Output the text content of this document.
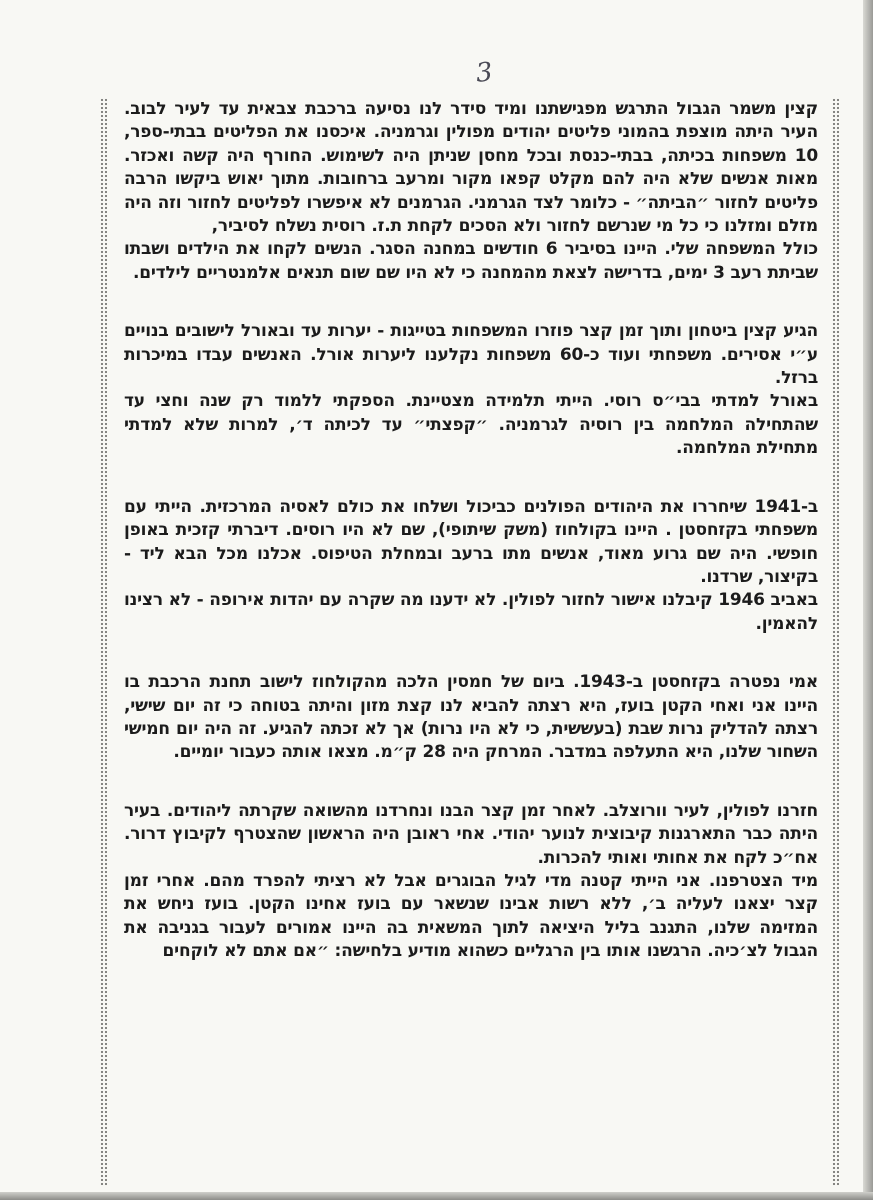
3

קצין משמר הגבול התרגש מפגישתנו ומיד סידר לנו נסיעה ברכבת צבאית עד לעיר לבוב. העיר היתה מוצפת בהמוני פליטים יהודים מפולין וגרמניה. איכסנו את הפליטים בבתי-ספר, 10 משפחות בכיתה, בבתי-כנסת ובכל מחסן שניתן היה לשימוש. החורף היה קשה ואכזר. מאות אנשים שלא היה להם מקלט קפאו מקור ומרעב ברחובות. מתוך יאוש ביקשו הרבה פליטים לחזור ״הביתה״ - כלומר לצד הגרמני. הגרמנים לא איפשרו לפליטים לחזור וזה היה מזלם ומזלנו כי כל מי שנרשם לחזור ולא הסכים לקחת ת.ז. רוסית נשלח לסיביר,

כולל המשפחה שלי. היינו בסיביר 6 חודשים במחנה הסגר. הנשים לקחו את הילדים ושבתו שביתת רעב 3 ימים, בדרישה לצאת מהמחנה כי לא היו שם שום תנאים אלמנטריים לילדים.

הגיע קצין ביטחון ותוך זמן קצר פוזרו המשפחות בטייגות - יערות עד ובאורל לישובים בנויים ע״י אסירים. משפחתי ועוד כ-60 משפחות נקלענו ליערות אורל. האנשים עבדו במיכרות ברזל.

באורל למדתי בבי״ס רוסי. הייתי תלמידה מצטיינת. הספקתי ללמוד רק שנה וחצי עד שהתחילה המלחמה בין רוסיה לגרמניה. ״קפצתי״ עד לכיתה ד׳, למרות שלא למדתי מתחילת המלחמה.

ב-1941 שיחררו את היהודים הפולנים כביכול ושלחו את כולם לאסיה המרכזית. הייתי עם משפחתי בקזחסטן . היינו בקולחוז (משק שיתופי), שם לא היו רוסים. דיברתי קזכית באופן חופשי. היה שם גרוע מאוד, אנשים מתו ברעב ובמחלת הטיפוס. אכלנו מכל הבא ליד - בקיצור, שרדנו.

באביב 1946 קיבלנו אישור לחזור לפולין. לא ידענו מה שקרה עם יהדות אירופה - לא רצינו להאמין.

אמי נפטרה בקזחסטן ב-1943. ביום של חמסין הלכה מהקולחוז לישוב תחנת הרכבת בו היינו אני ואחי הקטן בועז, היא רצתה להביא לנו קצת מזון והיתה בטוחה כי זה יום שישי, רצתה להדליק נרות שבת (בעששית, כי לא היו נרות) אך לא זכתה להגיע. זה היה יום חמישי השחור שלנו, היא התעלפה במדבר. המרחק היה 28 ק״מ. מצאו אותה כעבור יומיים.

חזרנו לפולין, לעיר וורוצלב. לאחר זמן קצר הבנו ונחרדנו מהשואה שקרתה ליהודים. בעיר היתה כבר התארגנות קיבוצית לנוער יהודי. אחי ראובן היה הראשון שהצטרף לקיבוץ דרור. אח״כ לקח את אחותי ואותי להכרות.

מיד הצטרפנו. אני הייתי קטנה מדי לגיל הבוגרים אבל לא רציתי להפרד מהם. אחרי זמן קצר יצאנו לעליה ב׳, ללא רשות אבינו שנשאר עם בועז אחינו הקטן. בועז ניחש את המזימה שלנו, התגנב בליל היציאה לתוך המשאית בה היינו אמורים לעבור בגניבה את הגבול לצ׳כיה. הרגשנו אותו בין הרגליים כשהוא מודיע בלחישה: ״אם אתם לא לוקחים
